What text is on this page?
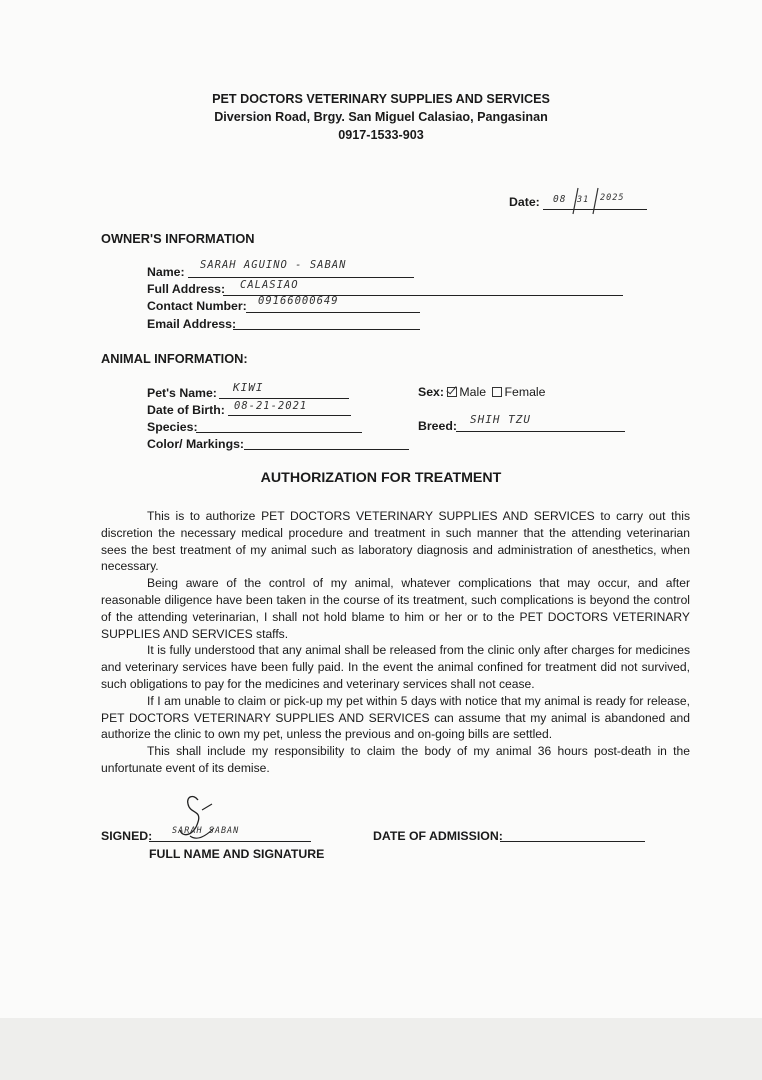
PET DOCTORS VETERINARY SUPPLIES AND SERVICES
Diversion Road, Brgy. San Miguel Calasiao, Pangasinan
0917-1533-903
Date: 08 31 2025
OWNER'S INFORMATION
Name: SARAH AGUINO - SABAN
Full Address: CALASIAO
Contact Number: 09166000649
Email Address:
ANIMAL INFORMATION:
Pet's Name: KIWI
Date of Birth: 08-21-2021
Species:
Color/ Markings:
Sex: Male Female
Breed: SHIH TZU
AUTHORIZATION FOR TREATMENT

This is to authorize PET DOCTORS VETERINARY SUPPLIES AND SERVICES to carry out this discretion the necessary medical procedure and treatment in such manner that the attending veterinarian sees the best treatment of my animal such as laboratory diagnosis and administration of anesthetics, when necessary.

Being aware of the control of my animal, whatever complications that may occur, and after reasonable diligence have been taken in the course of its treatment, such complications is beyond the control of the attending veterinarian, I shall not hold blame to him or her or to the PET DOCTORS VETERINARY SUPPLIES AND SERVICES staffs.

It is fully understood that any animal shall be released from the clinic only after charges for medicines and veterinary services have been fully paid. In the event the animal confined for treatment did not survived, such obligations to pay for the medicines and veterinary services shall not cease.

If I am unable to claim or pick-up my pet within 5 days with notice that my animal is ready for release, PET DOCTORS VETERINARY SUPPLIES AND SERVICES can assume that my animal is abandoned and authorize the clinic to own my pet, unless the previous and on-going bills are settled.

This shall include my responsibility to claim the body of my animal 36 hours post-death in the unfortunate event of its demise.

SIGNED: SARAH SABAN
FULL NAME AND SIGNATURE
DATE OF ADMISSION:
